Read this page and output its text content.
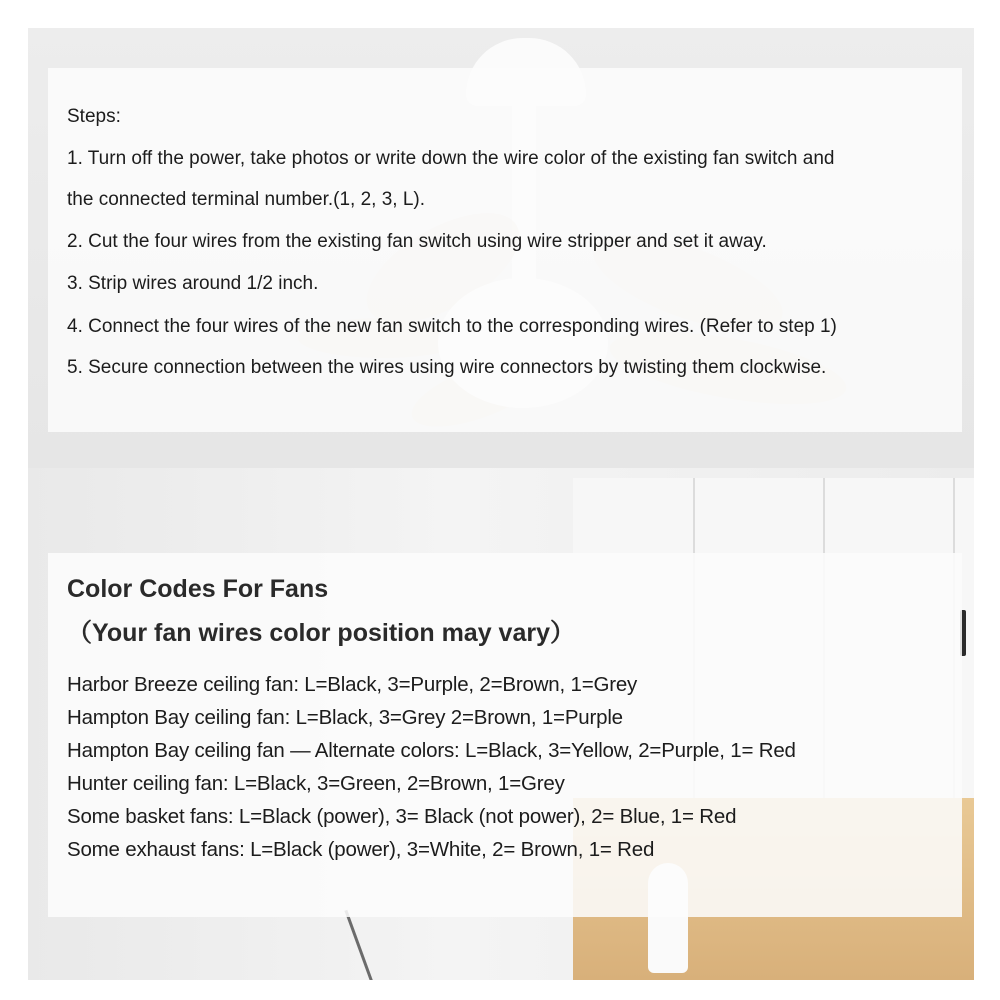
Steps:
1. Turn off the power, take photos or write down the wire color of the existing fan switch and
the connected terminal number.(1, 2, 3, L).
2. Cut the four wires from the existing fan switch using wire stripper and set it away.
3. Strip wires around 1/2 inch.
4. Connect the four wires of the new fan switch to the corresponding wires. (Refer to step 1)
5. Secure connection between the wires using wire connectors by twisting them clockwise.
Color Codes For Fans
（Your fan wires color position may vary）
Harbor Breeze ceiling fan: L=Black, 3=Purple, 2=Brown, 1=Grey
Hampton Bay ceiling fan: L=Black, 3=Grey 2=Brown, 1=Purple
Hampton Bay ceiling fan — Alternate colors: L=Black, 3=Yellow, 2=Purple, 1= Red
Hunter ceiling fan: L=Black, 3=Green, 2=Brown, 1=Grey
Some basket fans: L=Black (power), 3= Black (not power), 2= Blue, 1= Red
Some exhaust fans: L=Black (power), 3=White, 2= Brown, 1= Red
